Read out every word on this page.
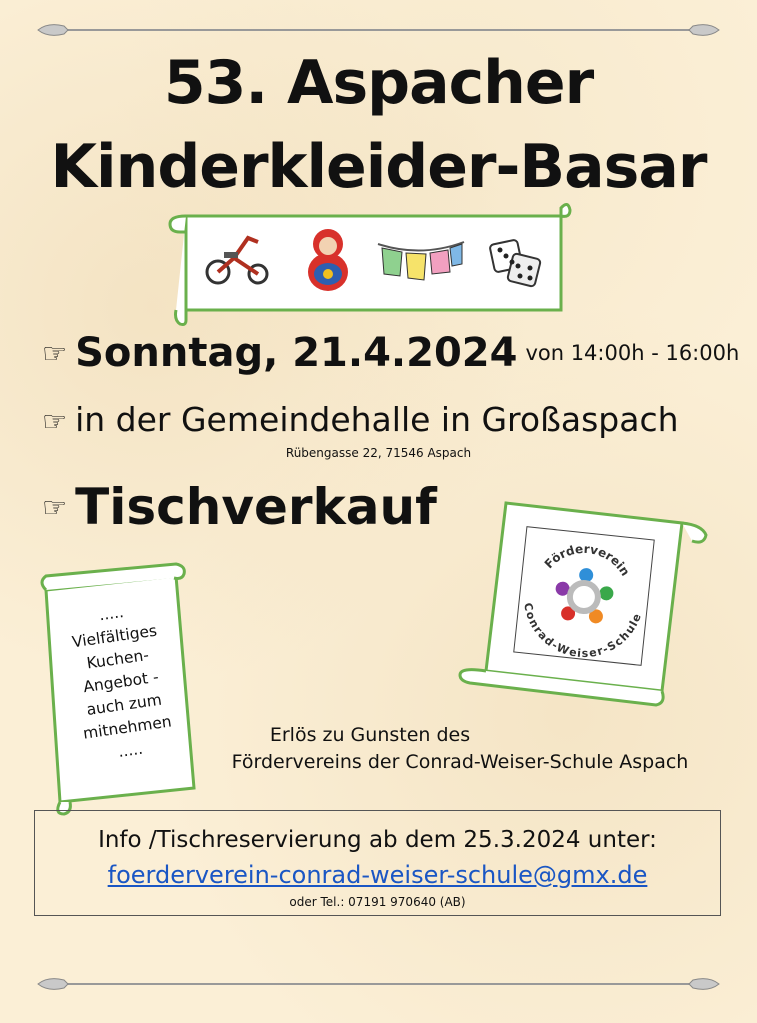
53. Aspacher
Kinderkleider-Basar
☞ Sonntag, 21.4.2024 von 14:00h - 16:00h
☞ in der Gemeindehalle in Großaspach
Rübengasse 22, 71546 Aspach
☞ Tischverkauf
.....
Vielfältiges
Kuchen-
Angebot -
auch zum
mitnehmen
.....
Förderverein
Conrad-Weiser-Schule
Erlös zu Gunsten des
Fördervereins der Conrad-Weiser-Schule Aspach
Info /Tischreservierung ab dem 25.3.2024 unter:
foerderverein-conrad-weiser-schule@gmx.de
oder Tel.: 07191 970640 (AB)
